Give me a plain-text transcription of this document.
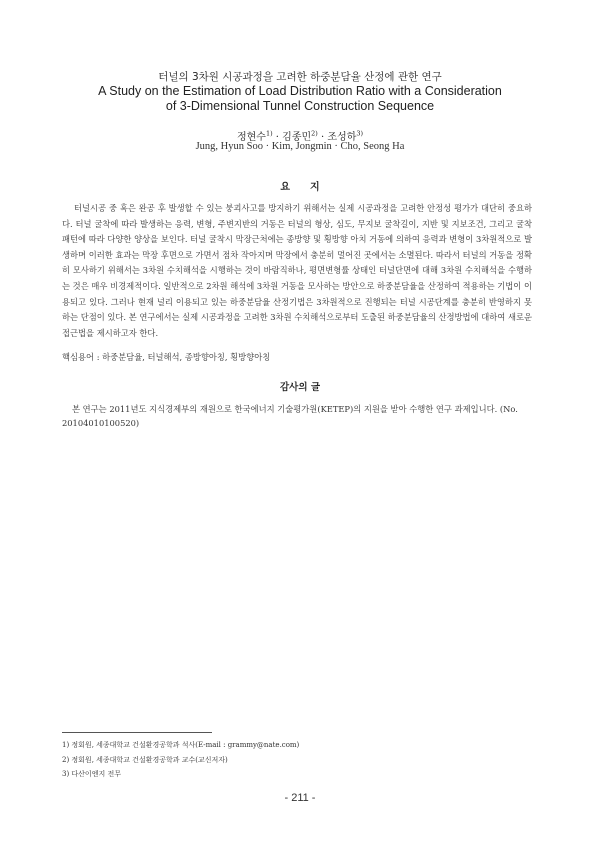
터널의 3차원 시공과정을 고려한 하중분담율 산정에 관한 연구
A Study on the Estimation of Load Distribution Ratio with a Consideration
of 3-Dimensional Tunnel Construction Sequence
정현수$^{1)}$ · 김종민$^{2)}$ · 조성하$^{3)}$
Jung, Hyun Soo · Kim, Jongmin · Cho, Seong Ha
요지
터널시공 중 혹은 완공 후 발생할 수 있는 붕괴사고를 방지하기 위해서는 실제 시공과정을 고려한 안정성 평가가 대단히 중요하다. 터널 굴착에 따라 발생하는 응력, 변형, 주변지반의 거동은 터널의 형상, 심도, 무지보 굴착길이, 지반 및 지보조건, 그리고 굴착패턴에 따라 다양한 양상을 보인다. 터널 굴착시 막장근처에는 종방향 및 횡방향 아치 거동에 의하여 응력과 변형이 3차원적으로 발생하며 이러한 효과는 막장 후면으로 가면서 점차 작아지며 막장에서 충분히 멀어진 곳에서는 소멸된다. 따라서 터널의 거동을 정확히 모사하기 위해서는 3차원 수치해석을 시행하는 것이 바람직하나, 평면변형률 상태인 터널단면에 대해 3차원 수치해석을 수행하는 것은 매우 비경제적이다. 일반적으로 2차원 해석에 3차원 거동을 모사하는 방안으로 하중분담율을 산정하여 적용하는 기법이 이용되고 있다. 그러나 현재 널리 이용되고 있는 하중분담율 산정기법은 3차원적으로 진행되는 터널 시공단계를 충분히 반영하지 못하는 단점이 있다. 본 연구에서는 실제 시공과정을 고려한 3차원 수치해석으로부터 도출된 하중분담율의 산정방법에 대하여 새로운 접근법을 제시하고자 한다.
핵심용어 : 하중분담율, 터널해석, 종방향아칭, 횡방향아칭
감사의 글
본 연구는 2011년도 지식경제부의 재원으로 한국에너지 기술평가원(KETEP)의 지원을 받아 수행한 연구 과제입니다. (No. 20104010100520)
1) 정회원, 세종대학교 건설환경공학과 석사(E-mail : grammy@nate.com)
2) 정회원, 세종대학교 건설환경공학과 교수(교신저자)
3) 다산이엔지 전무
- 211 -
